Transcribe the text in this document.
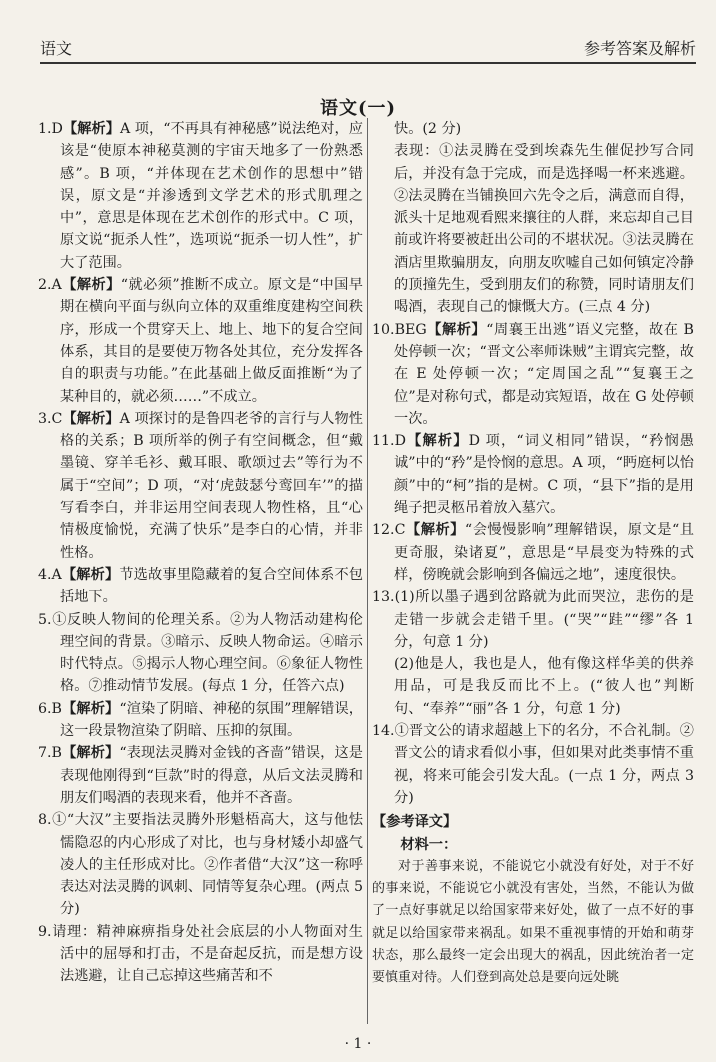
语文	参考答案及解析
语文(一)

1.D【解析】A 项，“不再具有神秘感”说法绝对，应该是“使原本神秘莫测的宇宙天地多了一份熟悉感”。B 项，“并体现在艺术创作的思想中”错误，原文是“并渗透到文学艺术的形式肌理之中”，意思是体现在艺术创作的形式中。C 项，原文说“扼杀人性”，选项说“扼杀一切人性”，扩大了范围。

2.A【解析】“就必须”推断不成立。原文是“中国早期在横向平面与纵向立体的双重维度建构空间秩序，形成一个贯穿天上、地上、地下的复合空间体系，其目的是要使万物各处其位，充分发挥各自的职责与功能。”在此基础上做反面推断“为了某种目的，就必须……”不成立。

3.C【解析】A 项探讨的是鲁四老爷的言行与人物性格的关系；B 项所举的例子有空间概念，但“戴墨镜、穿羊毛衫、戴耳眼、歌颂过去”等行为不属于“空间”；D 项，“对‘虎鼓瑟兮鸾回车’”的描写看李白，并非运用空间表现人物性格，且“心情极度愉悦，充满了快乐”是李白的心情，并非性格。

4.A【解析】节选故事里隐藏着的复合空间体系不包括地下。

5.①反映人物间的伦理关系。②为人物活动建构伦理空间的背景。③暗示、反映人物命运。④暗示时代特点。⑤揭示人物心理空间。⑥象征人物性格。⑦推动情节发展。(每点 1 分，任答六点)

6.B【解析】“渲染了阴暗、神秘的氛围”理解错误，这一段景物渲染了阴暗、压抑的氛围。

7.B【解析】“表现法灵腾对金钱的吝啬”错误，这是表现他刚得到“巨款”时的得意，从后文法灵腾和朋友们喝酒的表现来看，他并不吝啬。

8.①“大汉”主要指法灵腾外形魁梧高大，这与他怯懦隐忍的内心形成了对比，也与身材矮小却盛气凌人的主任形成对比。②作者借“大汉”这一称呼表达对法灵腾的讽刺、同情等复杂心理。(两点 5 分)

9.请理：精神麻痹指身处社会底层的小人物面对生活中的屈辱和打击，不是奋起反抗，而是想方设法逃避，让自己忘掉这些痛苦和不

快。(2 分)

表现：①法灵腾在受到埃森先生催促抄写合同后，并没有急于完成，而是选择喝一杯来逃避。②法灵腾在当铺换回六先令之后，满意而自得，派头十足地观看熙来攘往的人群，来忘却自己目前或许将要被赶出公司的不堪状况。③法灵腾在酒店里欺骗朋友，向朋友吹嘘自己如何镇定冷静的顶撞先生，受到朋友们的称赞，同时请朋友们喝酒，表现自己的慷慨大方。(三点 4 分)

10.BEG【解析】“周襄王出逃”语义完整，故在 B 处停顿一次；“晋文公率师诛贼”主谓宾完整，故在 E 处停顿一次；“定周国之乱”“复襄王之位”是对称句式，都是动宾短语，故在 G 处停顿一次。

11.D【解析】D 项，“词义相同”错误，“矜悯愚诚”中的“矜”是怜悯的意思。A 项，“眄庭柯以怡颜”中的“柯”指的是树。C 项，“县下”指的是用绳子把灵柩吊着放入墓穴。

12.C【解析】“会慢慢影响”理解错误，原文是“且更奇服，染诸夏”，意思是“早晨变为特殊的式样，傍晚就会影响到各偏远之地”，速度很快。

13.(1)所以墨子遇到岔路就为此而哭泣，悲伤的是走错一步就会走错千里。(“哭”“跬”“缪”各 1 分，句意 1 分)

(2)他是人，我也是人，他有像这样华美的供养用品，可是我反而比不上。(“彼人也”判断句、“奉养”“丽”各 1 分，句意 1 分)

14.①晋文公的请求超越上下的名分，不合礼制。②晋文公的请求看似小事，但如果对此类事情不重视，将来可能会引发大乱。(一点 1 分，两点 3 分)

【参考译文】

材料一：

对于善事来说，不能说它小就没有好处，对于不好的事来说，不能说它小就没有害处，当然，不能认为做了一点好事就足以给国家带来好处，做了一点不好的事就足以给国家带来祸乱。如果不重视事情的开始和萌芽状态，那么最终一定会出现大的祸乱，因此统治者一定要慎重对待。人们登到高处总是要向远处眺

· 1 ·
